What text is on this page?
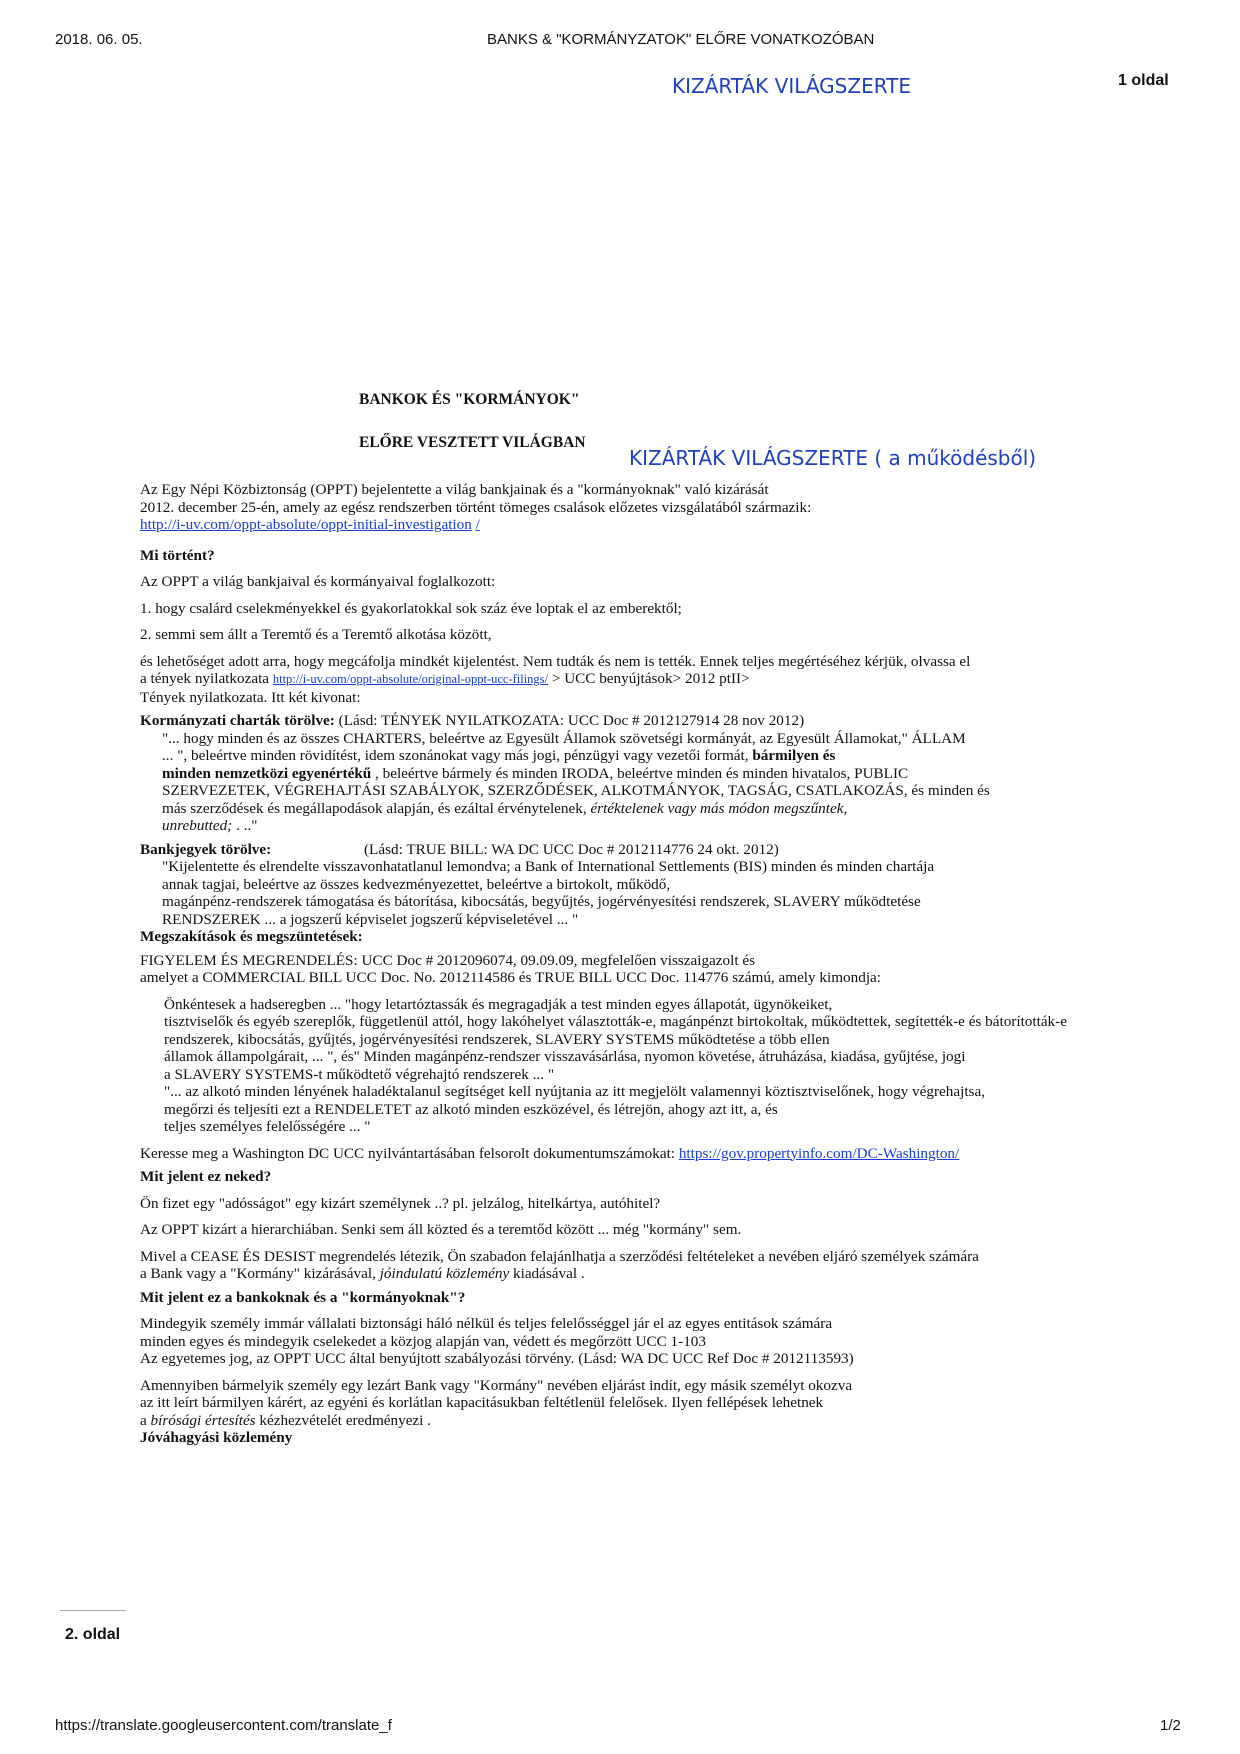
2018. 06. 05.	BANKS & "KORMÁNYZATOK" ELŐRE VONATKOZÓBAN
KIZÁRTÁK VILÁGSZERTE	1 oldal
BANKOK ÉS "KORMÁNYOK"
ELŐRE VESZTETT VILÁGBAN
KIZÁRTÁK VILÁGSZERTE ( a működésből)

Az Egy Népi Közbiztonság (OPPT) bejelentette a világ bankjainak és a "kormányoknak" való kizárását

2012. december 25-én, amely az egész rendszerben történt tömeges csalások előzetes vizsgálatából származik:

http://i-uv.com/oppt-absolute/oppt-initial-investigation /

Mi történt?

Az OPPT a világ bankjaival és kormányaival foglalkozott:

1. hogy csalárd cselekményekkel és gyakorlatokkal sok száz éve loptak el az emberektől;

2. semmi sem állt a Teremtő és a Teremtő alkotása között,

és lehetőséget adott arra, hogy megcáfolja mindkét kijelentést. Nem tudták és nem is tették. Ennek teljes megértéséhez kérjük, olvassa el

a tények nyilatkozata http://i-uv.com/oppt-absolute/original-oppt-ucc-filings/ > UCC benyújtások> 2012 ptII>

Tények nyilatkozata. Itt két kivonat:

Kormányzati charták törölve: (Lásd: TÉNYEK NYILATKOZATA: UCC Doc # 2012127914 28 nov 2012)

"... hogy minden és az összes CHARTERS, beleértve az Egyesült Államok szövetségi kormányát, az Egyesült Államokat," ÁLLAM

... ", beleértve minden rövidítést, idem szonánokat vagy más jogi, pénzügyi vagy vezetői formát, bármilyen és

minden nemzetközi egyenértékű , beleértve bármely és minden IRODA, beleértve minden és minden hivatalos, PUBLIC

SZERVEZETEK, VÉGREHAJTÁSI SZABÁLYOK, SZERZŐDÉSEK, ALKOTMÁNYOK, TAGSÁG, CSATLAKOZÁS, és minden és

más szerződések és megállapodások alapján, és ezáltal érvénytelenek, értéktelenek vagy más módon megszűntek,

unrebutted; . .."

Bankjegyek törölve:	(Lásd: TRUE BILL: WA DC UCC Doc # 2012114776 24 okt. 2012)

"Kijelentette és elrendelte visszavonhatatlanul lemondva; a Bank of International Settlements (BIS) minden és minden chartája

annak tagjai, beleértve az összes kedvezményezettet, beleértve a birtokolt, működő,

magánpénz-rendszerek támogatása és bátorítása, kibocsátás, begyűjtés, jogérvényesítési rendszerek, SLAVERY működtetése

RENDSZEREK ... a jogszerű képviselet jogszerű képviseletével ... "

Megszakítások és megszüntetések:

FIGYELEM ÉS MEGRENDELÉS: UCC Doc # 2012096074, 09.09.09, megfelelően visszaigazolt és

amelyet a COMMERCIAL BILL UCC Doc. No. 2012114586 és TRUE BILL UCC Doc. 114776 számú, amely kimondja:

Önkéntesek a hadseregben ... "hogy letartóztassák és megragadják a test minden egyes állapotát, ügynökeiket,

tisztviselők és egyéb szereplők, függetlenül attól, hogy lakóhelyet választották-e, magánpénzt birtokoltak, működtettek, segítették-e és bátorították-e

rendszerek, kibocsátás, gyűjtés, jogérvényesítési rendszerek, SLAVERY SYSTEMS működtetése a több ellen

államok állampolgárait, ... ", és" Minden magánpénz-rendszer visszavásárlása, nyomon követése, átruházása, kiadása, gyűjtése, jogi

a SLAVERY SYSTEMS-t működtető végrehajtó rendszerek ... "

"... az alkotó minden lényének haladéktalanul segítséget kell nyújtania az itt megjelölt valamennyi köztisztviselőnek, hogy végrehajtsa,

megőrzi és teljesíti ezt a RENDELETET az alkotó minden eszközével, és létrejön, ahogy azt itt, a, és

teljes személyes felelősségére ... "

Keresse meg a Washington DC UCC nyilvántartásában felsorolt dokumentumszámokat: https://gov.propertyinfo.com/DC-Washington/

Mit jelent ez neked?

Ön fizet egy "adósságot" egy kizárt személynek ..? pl. jelzálog, hitelkártya, autóhitel?

Az OPPT kizárt a hierarchiában. Senki sem áll közted és a teremtőd között ... még "kormány" sem.

Mivel a CEASE ÉS DESIST megrendelés létezik, Ön szabadon felajánlhatja a szerződési feltételeket a nevében eljáró személyek számára

a Bank vagy a "Kormány" kizárásával, jóindulatú közlemény kiadásával .

Mit jelent ez a bankoknak és a "kormányoknak"?

Mindegyik személy immár vállalati biztonsági háló nélkül és teljes felelősséggel jár el az egyes entitások számára

minden egyes és mindegyik cselekedet a közjog alapján van, védett és megőrzött UCC 1-103

Az egyetemes jog, az OPPT UCC által benyújtott szabályozási törvény. (Lásd: WA DC UCC Ref Doc # 2012113593)

Amennyiben bármelyik személy egy lezárt Bank vagy "Kormány" nevében eljárást indít, egy másik személyt okozva

az itt leírt bármilyen kárért, az egyéni és korlátlan kapacitásukban feltétlenül felelősek. Ilyen fellépések lehetnek

a bírósági értesítés kézhezvételét eredményezi .

Jóváhagyási közlemény

2. oldal
https://translate.googleusercontent.com/translate_f	1/2
